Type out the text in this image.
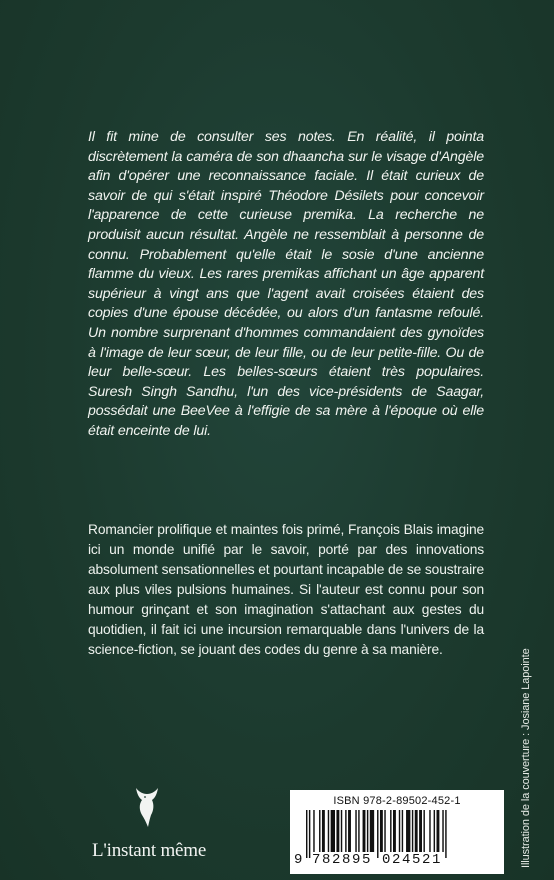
Il fit mine de consulter ses notes. En réalité, il pointa discrètement la caméra de son dhaancha sur le visage d'Angèle afin d'opérer une reconnaissance faciale. Il était curieux de savoir de qui s'était inspiré Théodore Désilets pour concevoir l'apparence de cette curieuse premika. La recherche ne produisit aucun résultat. Angèle ne ressemblait à personne de connu. Probablement qu'elle était le sosie d'une ancienne flamme du vieux. Les rares premikas affichant un âge apparent supérieur à vingt ans que l'agent avait croisées étaient des copies d'une épouse décédée, ou alors d'un fantasme refoulé. Un nombre surprenant d'hommes commandaient des gynoïdes à l'image de leur sœur, de leur fille, ou de leur petite-fille. Ou de leur belle-sœur. Les belles-sœurs étaient très populaires. Suresh Singh Sandhu, l'un des vice-présidents de Saagar, possédait une BeeVee à l'effigie de sa mère à l'époque où elle était enceinte de lui.
Romancier prolifique et maintes fois primé, François Blais imagine ici un monde unifié par le savoir, porté par des innovations absolument sensationnelles et pourtant incapable de se soustraire aux plus viles pulsions humaines. Si l'auteur est connu pour son humour grinçant et son imagination s'attachant aux gestes du quotidien, il fait ici une incursion remarquable dans l'univers de la science-fiction, se jouant des codes du genre à sa manière.	Illustration de la couverture : Josiane Lapointe
L'instant même
ISBN 978-2-89502-452-1
9 782895 024521
